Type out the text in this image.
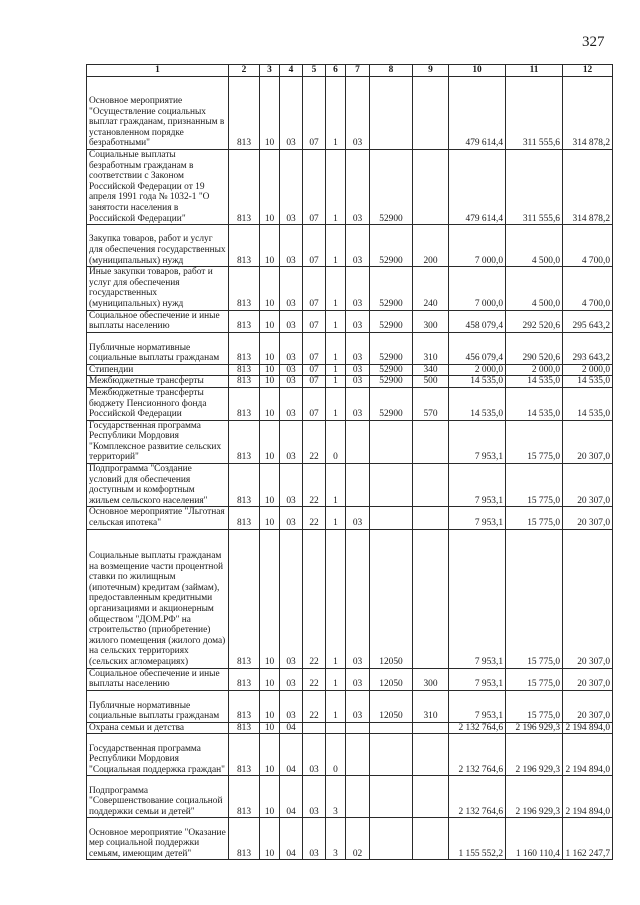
327
1	2	3	4	5	6	7	8	9	10	11	12
Основное мероприятие "Осуществление социальных выплат гражданам, признанным в установленном порядке безработными"	813	10	03	07	1	03			479 614,4	311 555,6	314 878,2
Социальные выплаты безработным гражданам в соответствии с Законом Российской Федерации от 19 апреля 1991 года № 1032-1 "О занятости населения в Российской Федерации"	813	10	03	07	1	03	52900		479 614,4	311 555,6	314 878,2
Закупка товаров, работ и услуг для обеспечения государственных (муниципальных) нужд	813	10	03	07	1	03	52900	200	7 000,0	4 500,0	4 700,0
Иные закупки товаров, работ и услуг для обеспечения государственных (муниципальных) нужд	813	10	03	07	1	03	52900	240	7 000,0	4 500,0	4 700,0
Социальное обеспечение и иные выплаты населению	813	10	03	07	1	03	52900	300	458 079,4	292 520,6	295 643,2
Публичные нормативные социальные выплаты гражданам	813	10	03	07	1	03	52900	310	456 079,4	290 520,6	293 643,2
Стипендии	813	10	03	07	1	03	52900	340	2 000,0	2 000,0	2 000,0
Межбюджетные трансферты	813	10	03	07	1	03	52900	500	14 535,0	14 535,0	14 535,0
Межбюджетные трансферты бюджету Пенсионного фонда Российской Федерации	813	10	03	07	1	03	52900	570	14 535,0	14 535,0	14 535,0
Государственная программа Республики Мордовия "Комплексное развитие сельских территорий"	813	10	03	22	0				7 953,1	15 775,0	20 307,0
Подпрограмма "Создание условий для обеспечения доступным и комфортным жильем сельского населения"	813	10	03	22	1				7 953,1	15 775,0	20 307,0
Основное мероприятие "Льготная сельская ипотека"	813	10	03	22	1	03			7 953,1	15 775,0	20 307,0
Социальные выплаты гражданам на возмещение части процентной ставки по жилищным (ипотечным) кредитам (займам), предоставленным кредитными организациями и акционерным обществом "ДОМ.РФ" на строительство (приобретение) жилого помещения (жилого дома) на сельских территориях (сельских агломерациях)	813	10	03	22	1	03	12050		7 953,1	15 775,0	20 307,0
Социальное обеспечение и иные выплаты населению	813	10	03	22	1	03	12050	300	7 953,1	15 775,0	20 307,0
Публичные нормативные социальные выплаты гражданам	813	10	03	22	1	03	12050	310	7 953,1	15 775,0	20 307,0
Охрана семьи и детства	813	10	04						2 132 764,6	2 196 929,3	2 194 894,0
Государственная программа Республики Мордовия "Социальная поддержка граждан"	813	10	04	03	0				2 132 764,6	2 196 929,3	2 194 894,0
Подпрограмма "Совершенствование социальной поддержки семьи и детей"	813	10	04	03	3				2 132 764,6	2 196 929,3	2 194 894,0
Основное мероприятие "Оказание мер социальной поддержки семьям, имеющим детей"	813	10	04	03	3	02			1 155 552,2	1 160 110,4	1 162 247,7
